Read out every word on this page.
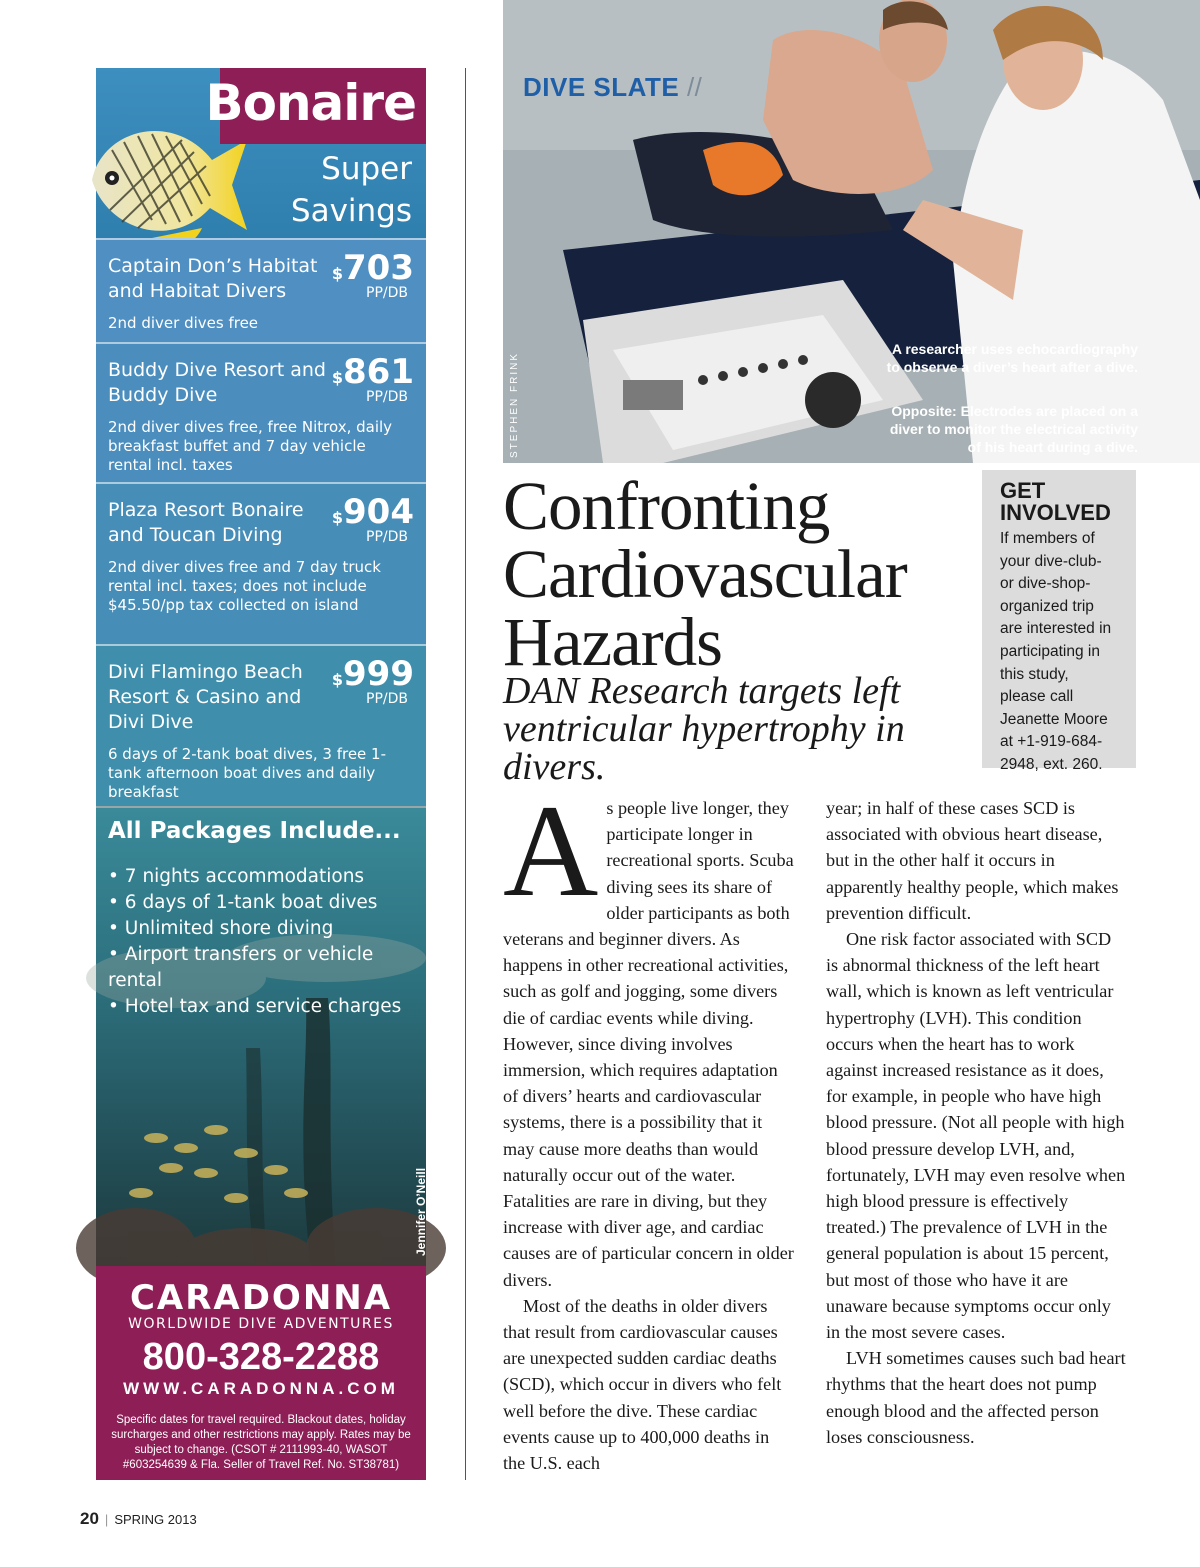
Bonaire
Super
Savings
Captain Don’s Habitat and Habitat Divers
$703
PP/DB
2nd diver dives free
Buddy Dive Resort and Buddy Dive
$861
PP/DB
2nd diver dives free, free Nitrox, daily breakfast buffet and 7 day vehicle rental incl. taxes
Plaza Resort Bonaire and Toucan Diving
$904
PP/DB
2nd diver dives free and 7 day truck rental incl. taxes; does not include $45.50/pp tax collected on island
Divi Flamingo Beach Resort & Casino and Divi Dive
$999
PP/DB
6 days of 2-tank boat dives, 3 free 1-tank afternoon boat dives and daily breakfast
All Packages Include...
• 7 nights accommodations
• 6 days of 1-tank boat dives
• Unlimited shore diving
• Airport transfers or vehicle rental
• Hotel tax and service charges
Jennifer O’Neill
CARADONNA
WORLDWIDE DIVE ADVENTURES
800-328-2288
WWW.CARADONNA.COM
Specific dates for travel required. Blackout dates, holiday surcharges and other restrictions may apply. Rates may be subject to change. (CSOT # 2111993-40, WASOT #603254639 & Fla. Seller of Travel Ref. No. ST38781)
DIVE SLATE //
STEPHEN FRINK
A researcher uses echocardiography to observe a diver’s heart after a dive.
Opposite: Electrodes are placed on a diver to monitor the electrical activity of his heart during a dive.
Confronting
Cardiovascular
Hazards
DAN Research targets left ventricular hypertrophy in divers.
GET
INVOLVED
If members of your dive-club- or dive-shop-organized trip are interested in participating in this study, please call Jeanette Moore at +1-919-684-2948, ext. 260.

As people live longer, they participate longer in recreational sports. Scuba diving sees its share of older participants as both veterans and beginner divers. As happens in other recreational activities, such as golf and jogging, some divers die of cardiac events while diving. However, since diving involves immersion, which requires adaptation of divers’ hearts and cardiovascular systems, there is a possibility that it may cause more deaths than would naturally occur out of the water. Fatalities are rare in diving, but they increase with diver age, and cardiac causes are of particular concern in older divers.

Most of the deaths in older divers that result from cardiovascular causes are unexpected sudden cardiac deaths (SCD), which occur in divers who felt well before the dive. These cardiac events cause up to 400,000 deaths in the U.S. each

year; in half of these cases SCD is associated with obvious heart disease, but in the other half it occurs in apparently healthy people, which makes prevention difficult.

One risk factor associated with SCD is abnormal thickness of the left heart wall, which is known as left ventricular hypertrophy (LVH). This condition occurs when the heart has to work against increased resistance as it does, for example, in people who have high blood pressure. (Not all people with high blood pressure develop LVH, and, fortunately, LVH may even resolve when high blood pressure is effectively treated.) The prevalence of LVH in the general population is about 15 percent, but most of those who have it are unaware because symptoms occur only in the most severe cases.

LVH sometimes causes such bad heart rhythms that the heart does not pump enough blood and the affected person loses consciousness.

20 | SPRING 2013
